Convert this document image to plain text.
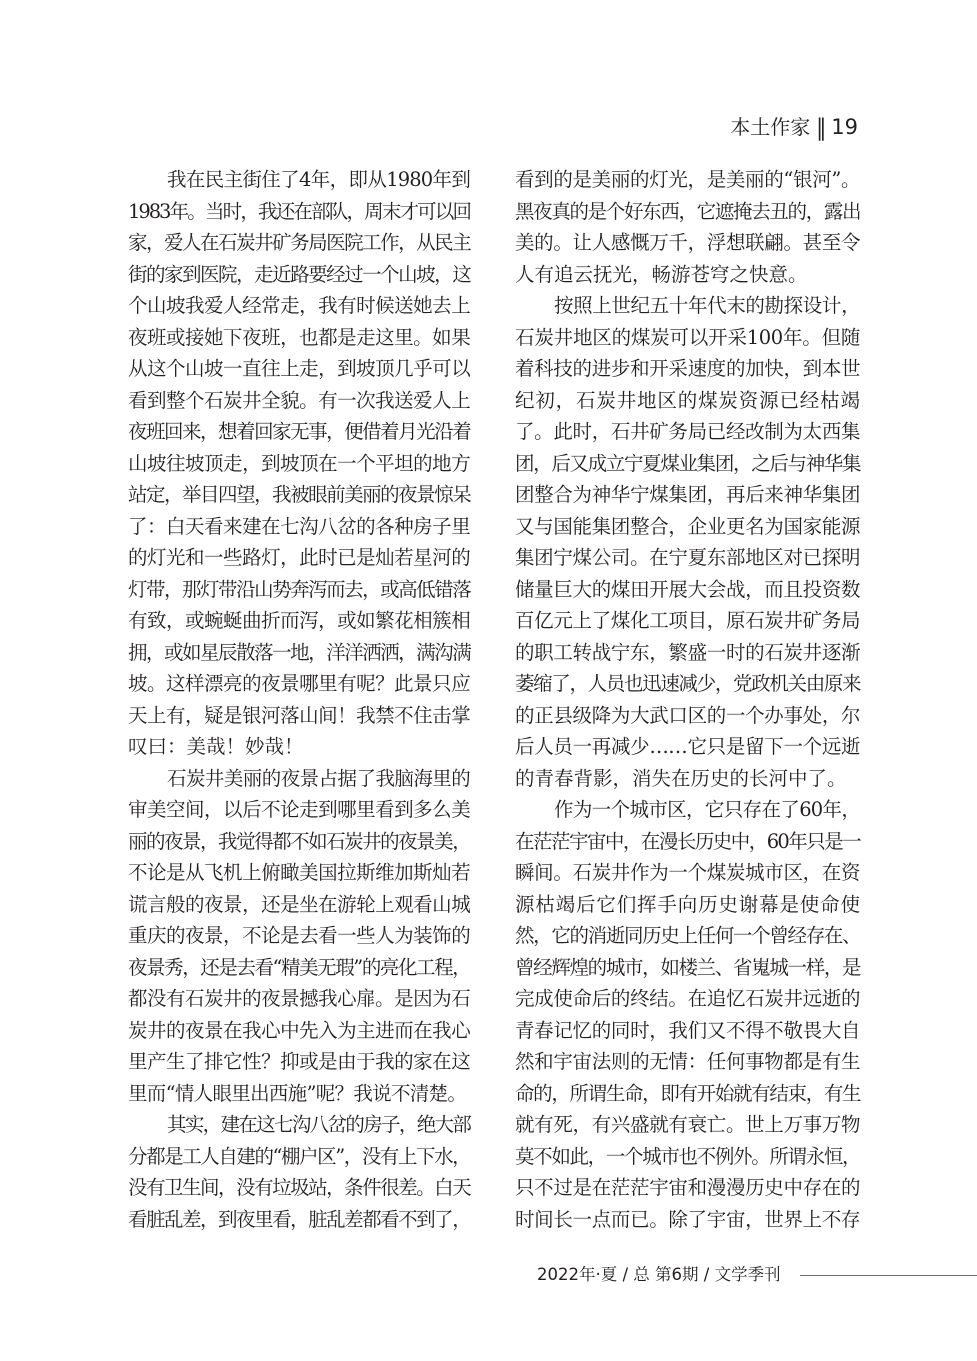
本土作家 ‖ 19
我在民主街住了4年，即从1980年到
1983年。当时，我还在部队，周末才可以回
家，爱人在石炭井矿务局医院工作，从民主
街的家到医院，走近路要经过一个山坡，这
个山坡我爱人经常走，我有时候送她去上
夜班或接她下夜班，也都是走这里。如果
从这个山坡一直往上走，到坡顶几乎可以
看到整个石炭井全貌。有一次我送爱人上
夜班回来，想着回家无事，便借着月光沿着
山坡往坡顶走，到坡顶在一个平坦的地方
站定，举目四望，我被眼前美丽的夜景惊呆
了：白天看来建在七沟八岔的各种房子里
的灯光和一些路灯，此时已是灿若星河的
灯带，那灯带沿山势奔泻而去，或高低错落
有致，或蜿蜒曲折而泻，或如繁花相簇相
拥，或如星辰散落一地，洋洋洒洒，满沟满
坡。这样漂亮的夜景哪里有呢？此景只应
天上有，疑是银河落山间！我禁不住击掌
叹曰：美哉！妙哉！
石炭井美丽的夜景占据了我脑海里的
审美空间，以后不论走到哪里看到多么美
丽的夜景，我觉得都不如石炭井的夜景美，
不论是从飞机上俯瞰美国拉斯维加斯灿若
谎言般的夜景，还是坐在游轮上观看山城
重庆的夜景，不论是去看一些人为装饰的
夜景秀，还是去看“精美无瑕”的亮化工程，
都没有石炭井的夜景撼我心扉。是因为石
炭井的夜景在我心中先入为主进而在我心
里产生了排它性？抑或是由于我的家在这
里而“情人眼里出西施”呢？我说不清楚。
其实，建在这七沟八岔的房子，绝大部
分都是工人自建的“棚户区”，没有上下水，
没有卫生间，没有垃圾站，条件很差。白天
看脏乱差，到夜里看，脏乱差都看不到了，
看到的是美丽的灯光，是美丽的“银河”。
黑夜真的是个好东西，它遮掩去丑的，露出
美的。让人感慨万千，浮想联翩。甚至令
人有追云抚光，畅游苍穹之快意。
按照上世纪五十年代末的勘探设计，
石炭井地区的煤炭可以开采100年。但随
着科技的进步和开采速度的加快，到本世
纪初，石炭井地区的煤炭资源已经枯竭
了。此时，石井矿务局已经改制为太西集
团，后又成立宁夏煤业集团，之后与神华集
团整合为神华宁煤集团，再后来神华集团
又与国能集团整合，企业更名为国家能源
集团宁煤公司。在宁夏东部地区对已探明
储量巨大的煤田开展大会战，而且投资数
百亿元上了煤化工项目，原石炭井矿务局
的职工转战宁东，繁盛一时的石炭井逐渐
萎缩了，人员也迅速减少，党政机关由原来
的正县级降为大武口区的一个办事处，尔
后人员一再减少……它只是留下一个远逝
的青春背影，消失在历史的长河中了。
作为一个城市区，它只存在了60年，
在茫茫宇宙中，在漫长历史中，60年只是一
瞬间。石炭井作为一个煤炭城市区，在资
源枯竭后它们挥手向历史谢幕是使命使
然，它的消逝同历史上任何一个曾经存在、
曾经辉煌的城市，如楼兰、省嵬城一样，是
完成使命后的终结。在追忆石炭井远逝的
青春记忆的同时，我们又不得不敬畏大自
然和宇宙法则的无情：任何事物都是有生
命的，所谓生命，即有开始就有结束，有生
就有死，有兴盛就有衰亡。世上万事万物
莫不如此，一个城市也不例外。所谓永恒，
只不过是在茫茫宇宙和漫漫历史中存在的
时间长一点而已。除了宇宙，世界上不存
2022年·夏 / 总 第6期 / 文学季刊
